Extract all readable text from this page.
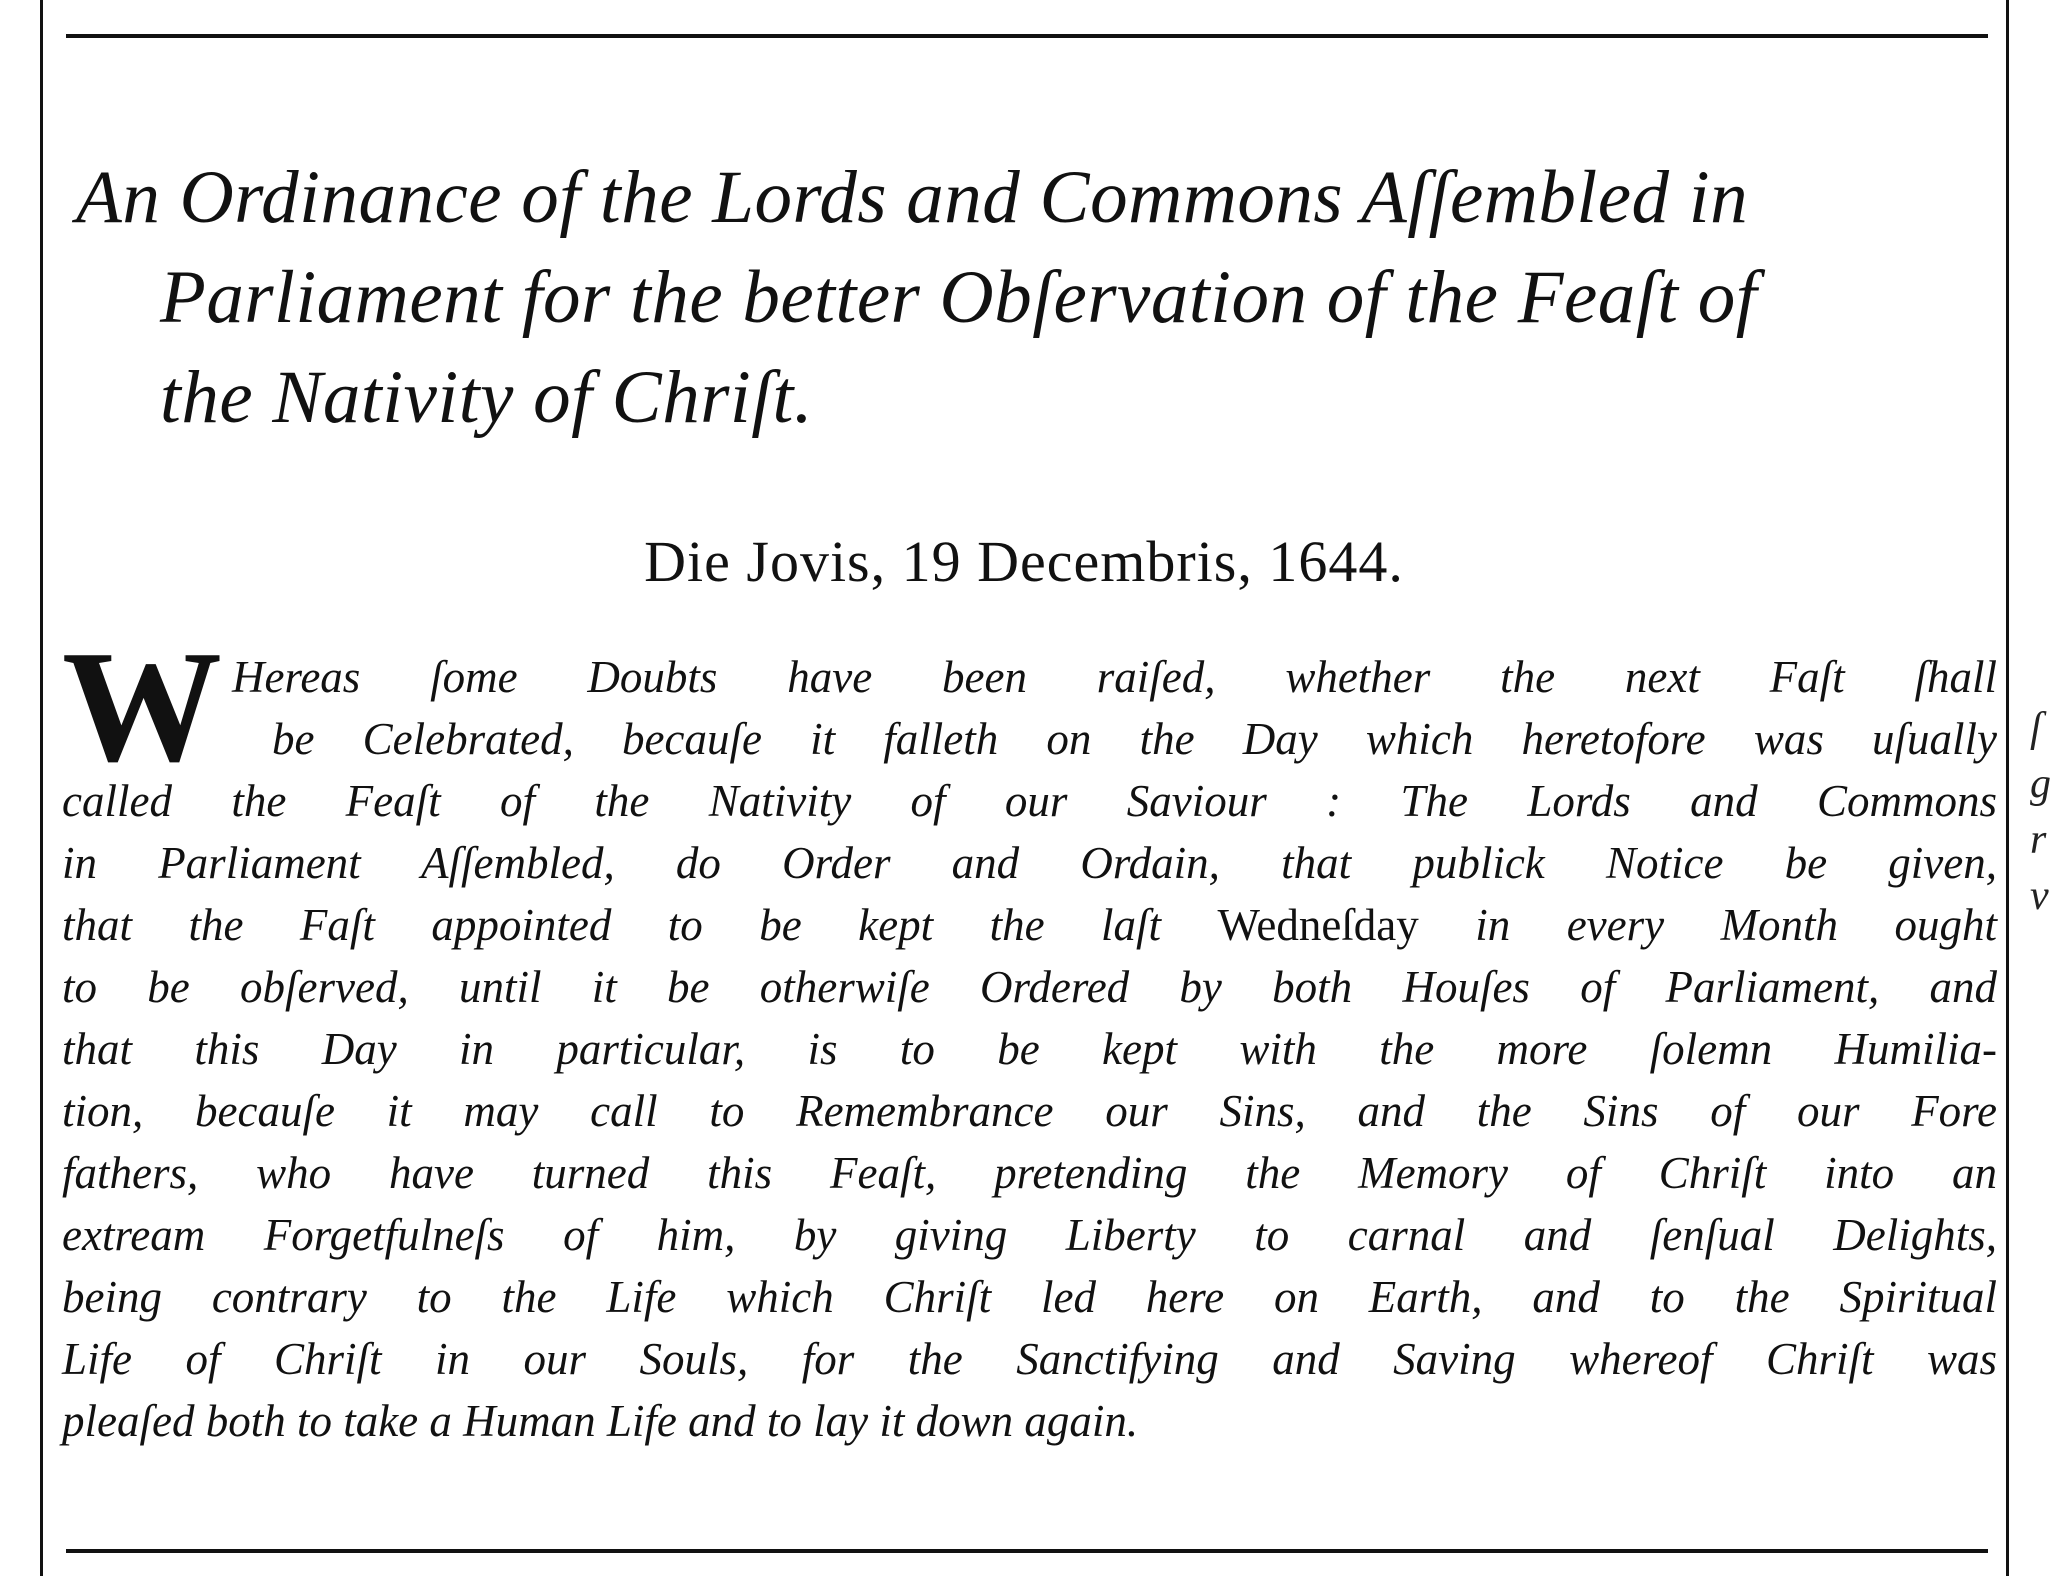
An Ordinance of the Lords and Commons Aſſembled in
Parliament for the better Obſervation of the Feaſt of
the Nativity of Chriſt.
Die Jovis, 19 Decembris, 1644.
W Hereas ſome Doubts have been raiſed, whether the next Faſt ſhall
be Celebrated, becauſe it falleth on the Day which heretofore was uſually
called the Feaſt of the Nativity of our Saviour : The Lords and Commons
in Parliament Aſſembled, do Order and Ordain, that publick Notice be given,
that the Faſt appointed to be kept the laſt Wedneſday in every Month ought
to be obſerved, until it be otherwiſe Ordered by both Houſes of Parliament, and
that this Day in particular, is to be kept with the more ſolemn Humilia-
tion, becauſe it may call to Remembrance our Sins, and the Sins of our Fore
fathers, who have turned this Feaſt, pretending the Memory of Chriſt into an
extream Forgetfulneſs of him, by giving Liberty to carnal and ſenſual Delights,
being contrary to the Life which Chriſt led here on Earth, and to the Spiritual
Life of Chriſt in our Souls, for the Sanctifying and Saving whereof Chriſt was
pleaſed both to take a Human Life and to lay it down again.
ſ
g
r
v
